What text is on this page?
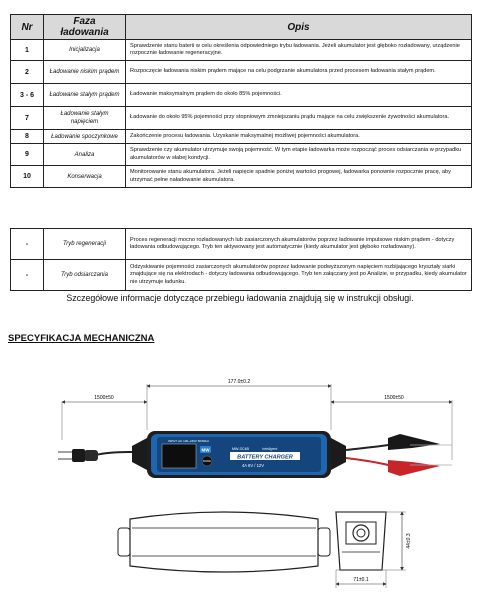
Nr	Faza ładowania	Opis
1	Inicjalizacja	Sprawdzenie stanu baterii w celu określenia odpowiedniego trybu ładowania. Jeżeli akumulator jest głęboko rozładowany, urządzenie rozpocznie ładowanie regeneracyjne.
2	Ładowanie niskim prądem	Rozpoczęcie ładowania niskim prądem mające na celu podgrzanie akumulatora przed procesem ładowania stałym prądem.
3 - 6	Ładowanie stałym prądem	Ładowanie maksymalnym prądem do około 85% pojemności.
7	Ładowanie stałym napięciem	Ładowanie do około 95% pojemności przy stopniowym zmniejszaniu prądu mające na celu zwiększenie żywotności akumulatora.
8	Ładowanie spoczynkowe	Zakończenie procesu ładowania. Uzyskanie maksymalnej możliwej pojemności akumulatora.
9	Analiza	Sprawdzenie czy akumulator utrzymuje swoją pojemność. W tym etapie ładowarka może rozpocząć proces odsiarczania w przypadku akumulatorów w słabej kondycji.
10	Konserwacja	Monitorowanie stanu akumulatora. Jeżeli napięcie spadnie poniżej wartości progowej, ładowarka ponownie rozpocznie pracę, aby utrzymać pełne naładowanie akumulatora.
-	Tryb regeneracji	Proces regeneracji mocno rozładowanych lub zasiarczonych akumulatorów poprzez ładowanie impulsowe niskim prądem - dotyczy ładowania odbudowującego. Tryb ten aktywowany jest automatycznie (kiedy akumulator jest głęboko rozładowany).
-	Tryb odsiarczania	Odzyskiwanie pojemności zasiarczonych akumulatorów poprzez ładowanie podwyższonym napięciem rozbijającego kryształy siarki znajdujące się na elektrodach - dotyczy ładowania odbudowującego. Tryb ten załączany jest po Analizie, w przypadku, kiedy akumulator nie utrzymuje ładunku.
Szczegółowe informacje dotyczące przebiegu ładowania znajdują się w instrukcji obsługi.
SPECYFIKACJA MECHANICZNA
1500±50
177.0±0.2
1500±50
INPUT: AC 100~240V 50/60Hz
MW
MODE
MW-SC4B	Intelligent
BATTERY CHARGER
4A 6V / 12V
44±0.3
71±0.1
